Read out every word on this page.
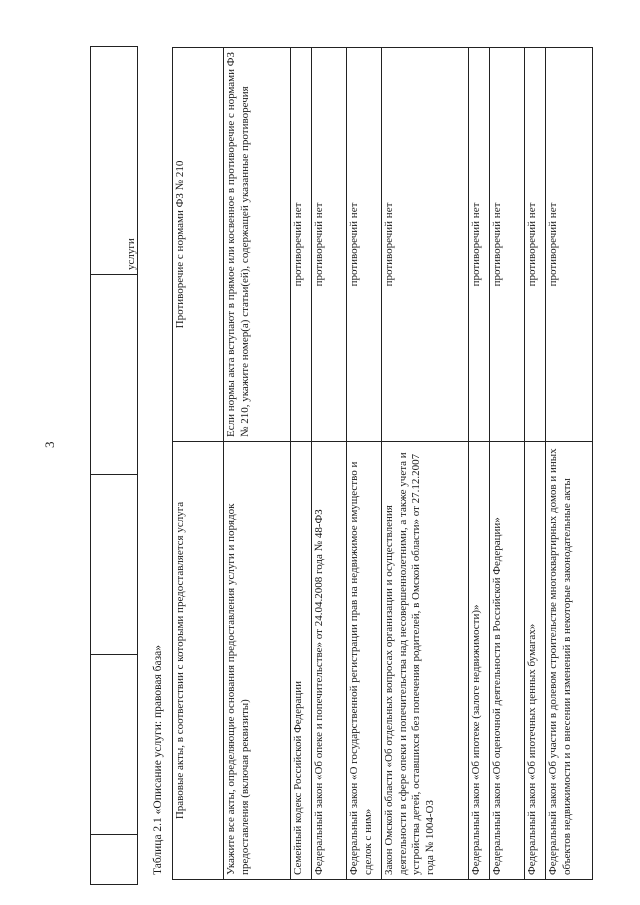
3
				услуги
Таблица 2.1 «Описание услуги: правовая база» Правовые акты, в соответствии с которыми предоставляется услуга	Противоречие с нормами ФЗ № 210
Укажите все акты, определяющие основания предоставления услуги и порядок предоставления (включая реквизиты)	Если нормы акта вступают в прямое или косвенное в противоречие с нормами ФЗ № 210, укажите номер(а) статьи(ей), содержащей указанные противоречия
Семейный кодекс Российской Федерации	противоречий нет
Федеральный закон «Об опеке и попечительстве» от 24.04.2008 года № 48-ФЗ	противоречий нет
Федеральный закон «О государственной регистрации прав на недвижимое имущество и сделок с ним»	противоречий нет
Закон Омской области «Об отдельных вопросах организации и осуществления деятельности в сфере опеки и попечительства над несовершеннолетними, а также учета и устройства детей, оставшихся без попечения родителей, в Омской области» от 27.12.2007 года № 1004-ОЗ	противоречий нет
Федеральный закон «Об ипотеке (залоге недвижимости)»	противоречий нет
Федеральный закон «Об оценочной деятельности в Российской Федерации»	противоречий нет
Федеральный закон «Об ипотечных ценных бумагах»	противоречий нет
Федеральный закон «Об участии в долевом строительстве многоквартирных домов и иных объектов недвижимости и о внесении изменений в некоторые законодательные акты	противоречий нет
